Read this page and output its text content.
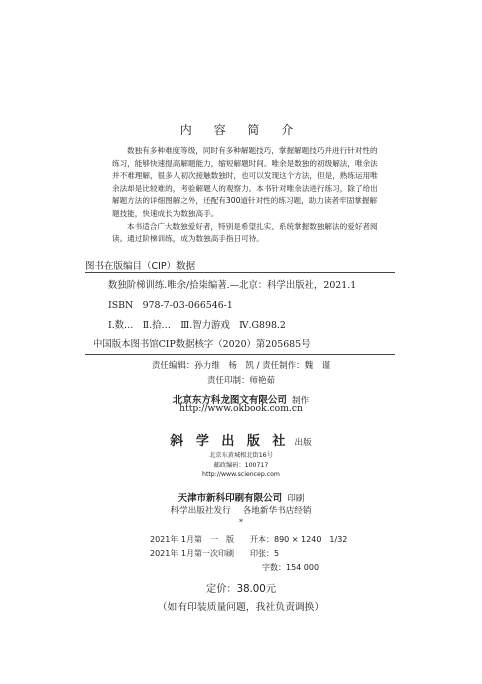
内 容 简 介

数独有多种难度等级，同时有多种解题技巧，掌握解题技巧并进行针对性的练习，能够快速提高解题能力，缩短解题时间。唯余是数独的初级解法，唯余法并不难理解，很多人初次接触数独时，也可以发现这个方法，但是，熟练运用唯余法却是比较难的，考验解题人的观察力。本书针对唯余法进行练习，除了给出解题方法的详细图解之外，还配有300道针对性的练习题，助力读者牢固掌握解题技能，快速成长为数独高手。

本书适合广大数独爱好者，特别是希望扎实、系统掌握数独解法的爱好者阅读。通过阶梯训练，成为数独高手指日可待。

图书在版编目（CIP）数据
数独阶梯训练.唯余/拾柒编著.—北京：科学出版社，2021.1
ISBN　978-7-03-066546-1
Ⅰ.数…　Ⅱ.拾…　Ⅲ.智力游戏　Ⅳ.G898.2
中国版本图书馆CIP数据核字（2020）第205685号
责任编辑：孙力维　杨　凯 / 责任制作：魏　谨
责任印制：师艳茹
北京东方科龙图文有限公司 制作
http://www.okbook.com.cn
斜 学 出 版 社 出版
北京东黄城根北街16号
邮政编码：100717
http://www.sciencep.com
天津市新科印刷有限公司 印刷
科学出版社发行 各地新华书店经销
*
2021年 1月第　一　版　　开本：890 × 1240　1/32
2021年 1月第一次印刷　　印张：5
字数：154 000
定价：38.00元
（如有印装质量问题，我社负责调换）
